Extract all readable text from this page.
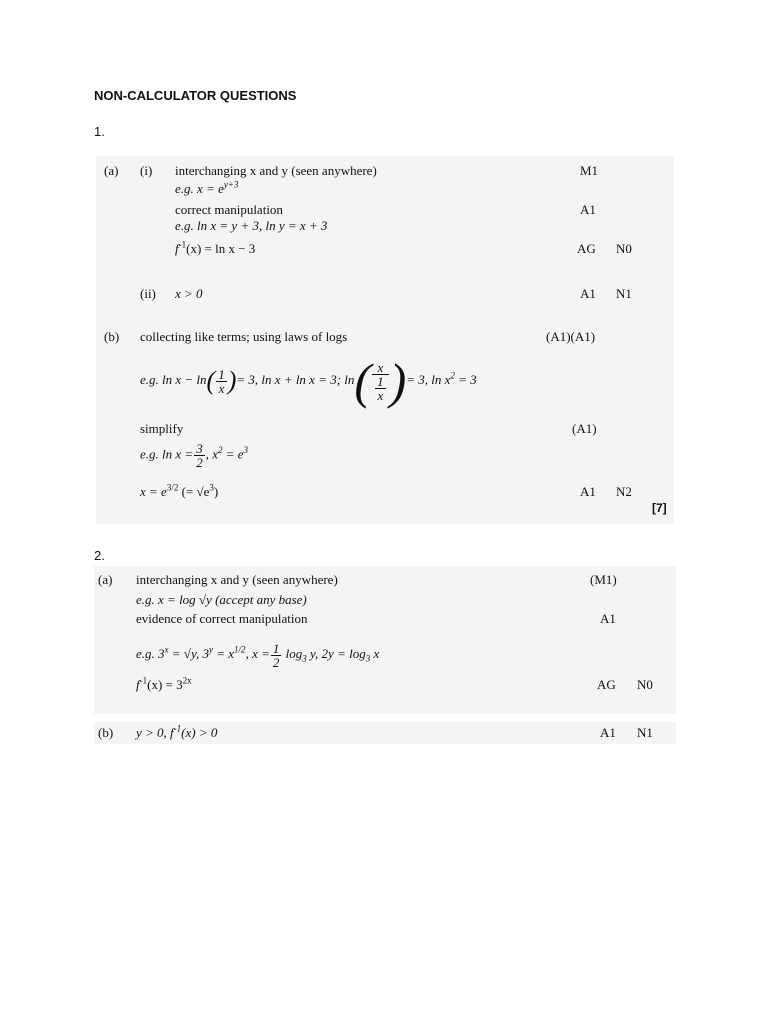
NON-CALCULATOR QUESTIONS
1.
(a) (i) interchanging x and y (seen anywhere)	M1
e.g. $x = e^{y+3}$
correct manipulation	A1
e.g. ln x = y + 3, ln y = x + 3
$f^{-1}(x) = \ln x - 3$	AG N0
(ii) x > 0	A1 N1
(b) collecting like terms; using laws of logs	(A1)(A1)
e.g. $\ln x - \ln( \frac{1}{x}$ )= 3, ln x + ln x = 3; $\ln( \frac{x}{\frac{1}{x}}$ )= 3, $\ln x^2 = 3$
simplify	(A1)
e.g. $\ln x = \frac{3}{2}$ , $x^2 = e^3$
$x = e^{3/2}$ (= $√e^3$)	A1 N2
[7]
2.
(a) interchanging x and y (seen anywhere)	(M1)
e.g. x = log √y (accept any base)
evidence of correct manipulation	A1
e.g. $3^x = √y$, $3^y = x^{1/2}$, $x = \frac{1}{2} \log_3 y$, $2y = \log_3 x$
$f^{-1}(x) = 3^{2x}$	AG N0
(b) y > 0, $f^{-1}(x) > 0$	A1 N1
